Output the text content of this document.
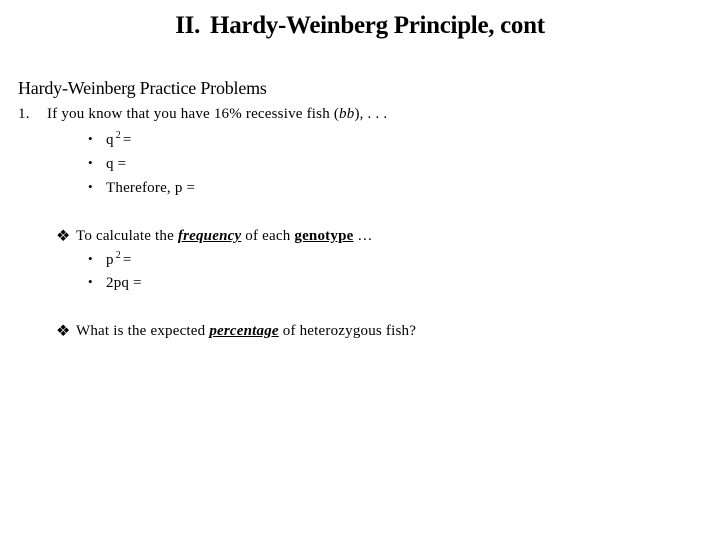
II. Hardy-Weinberg Principle, cont
Hardy-Weinberg Practice Problems
1. If you know that you have 16% recessive fish (bb), . . .
• q $^2$ =
• q =
• Therefore, p =
❖ To calculate the frequency of each genotype …
• p $^2$ =
• 2pq =
❖ What is the expected percentage of heterozygous fish?
